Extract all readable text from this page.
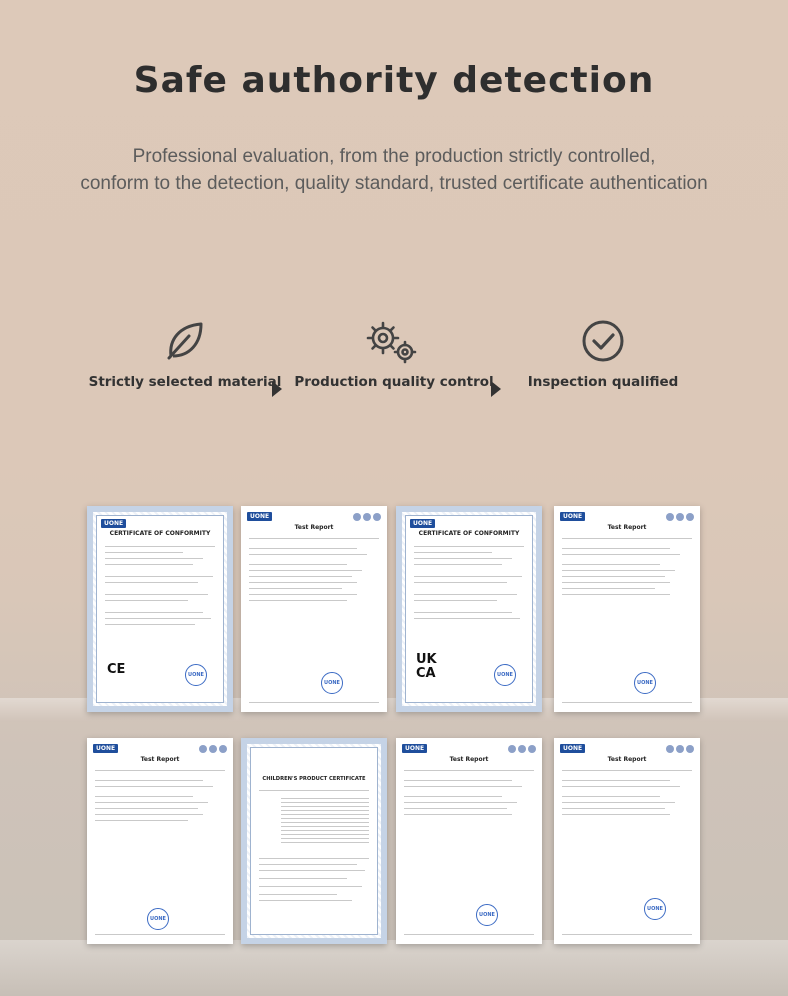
Safe authority detection
Professional evaluation, from the production strictly controlled,
conform to the detection, quality standard, trusted certificate authentication
Strictly selected material Production quality control	Inspection qualified
UONE
CERTIFICATE OF CONFORMITY
CE	UONE
UONE
Test Report
UONE
UONE
CERTIFICATE OF CONFORMITY
UK
CA	UONE
UONE
Test Report
UONE
UONE
Test Report
UONE
CHILDREN'S PRODUCT CERTIFICATE
UONE
Test Report
UONE
UONE
Test Report
UONE
